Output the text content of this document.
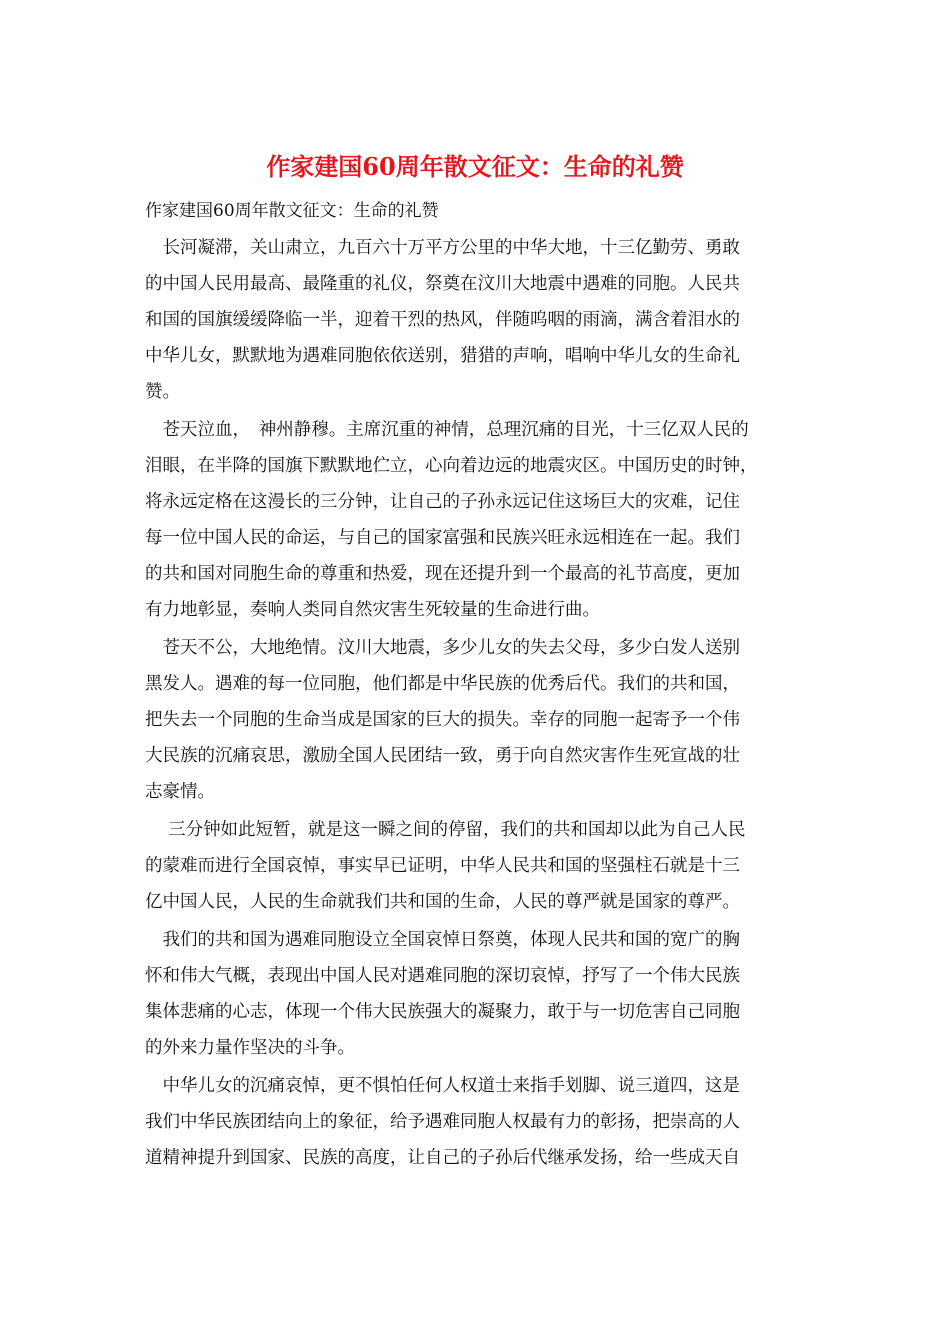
作家建国60周年散文征文：生命的礼赞
作家建国60周年散文征文：生命的礼赞
　长河凝滞，关山肃立，九百六十万平方公里的中华大地，十三亿勤劳、勇敢
的中国人民用最高、最隆重的礼仪，祭奠在汶川大地震中遇难的同胞。人民共
和国的国旗缓缓降临一半，迎着干烈的热风，伴随呜咽的雨滴，满含着泪水的
中华儿女，默默地为遇难同胞依依送别，猎猎的声响，唱响中华儿女的生命礼
赞。
　苍天泣血，　神州静穆。主席沉重的神情，总理沉痛的目光，十三亿双人民的
泪眼，在半降的国旗下默默地伫立，心向着边远的地震灾区。中国历史的时钟，
将永远定格在这漫长的三分钟，让自己的子孙永远记住这场巨大的灾难，记住
每一位中国人民的命运，与自己的国家富强和民族兴旺永远相连在一起。我们
的共和国对同胞生命的尊重和热爱，现在还提升到一个最高的礼节高度，更加
有力地彰显，奏响人类同自然灾害生死较量的生命进行曲。
　苍天不公，大地绝情。汶川大地震，多少儿女的失去父母，多少白发人送别
黑发人。遇难的每一位同胞，他们都是中华民族的优秀后代。我们的共和国，
把失去一个同胞的生命当成是国家的巨大的损失。幸存的同胞一起寄予一个伟
大民族的沉痛哀思，激励全国人民团结一致，勇于向自然灾害作生死宣战的壮
志豪情。
　 三分钟如此短暂，就是这一瞬之间的停留，我们的共和国却以此为自己人民
的蒙难而进行全国哀悼，事实早已证明，中华人民共和国的坚强柱石就是十三
亿中国人民，人民的生命就我们共和国的生命，人民的尊严就是国家的尊严。
　我们的共和国为遇难同胞设立全国哀悼日祭奠，体现人民共和国的宽广的胸
怀和伟大气概，表现出中国人民对遇难同胞的深切哀悼，抒写了一个伟大民族
集体悲痛的心志，体现一个伟大民族强大的凝聚力，敢于与一切危害自己同胞
的外来力量作坚决的斗争。
　中华儿女的沉痛哀悼，更不惧怕任何人权道士来指手划脚、说三道四，这是
我们中华民族团结向上的象征，给予遇难同胞人权最有力的彰扬，把崇高的人
道精神提升到国家、民族的高度，让自己的子孙后代继承发扬，给一些成天自
